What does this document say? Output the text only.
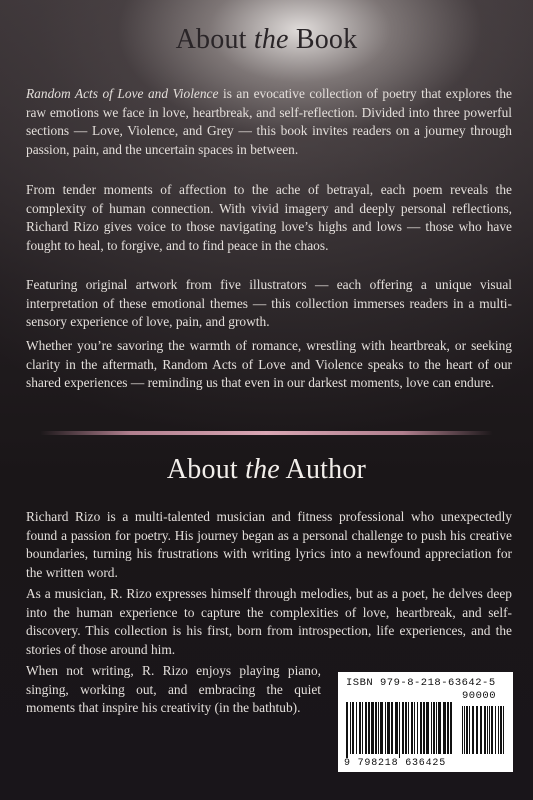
About the Book

Random Acts of Love and Violence is an evocative collection of poetry that explores the raw emotions we face in love, heartbreak, and self-reflection. Divided into three powerful sections — Love, Violence, and Grey — this book invites readers on a journey through passion, pain, and the uncertain spaces in between.

From tender moments of affection to the ache of betrayal, each poem reveals the complexity of human connection. With vivid imagery and deeply personal reflections, Richard Rizo gives voice to those navigating love’s highs and lows — those who have fought to heal, to forgive, and to find peace in the chaos.

Featuring original artwork from five illustrators — each offering a unique visual interpretation of these emotional themes — this collection immerses readers in a multi-sensory experience of love, pain, and growth.

Whether you’re savoring the warmth of romance, wrestling with heartbreak, or seeking clarity in the aftermath, Random Acts of Love and Violence speaks to the heart of our shared experiences — reminding us that even in our darkest moments, love can endure.

About the Author

Richard Rizo is a multi-talented musician and fitness professional who unexpectedly found a passion for poetry. His journey began as a personal challenge to push his creative boundaries, turning his frustrations with writing lyrics into a newfound appreciation for the written word.

As a musician, R. Rizo expresses himself through melodies, but as a poet, he delves deep into the human experience to capture the complexities of love, heartbreak, and self-discovery. This collection is his first, born from introspection, life experiences, and the stories of those around him.

When not writing, R. Rizo enjoys playing piano, singing, working out, and embracing the quiet moments that inspire his creativity (in the bathtub).

ISBN 979-8-218-63642-5
90000
9 798218 636425
